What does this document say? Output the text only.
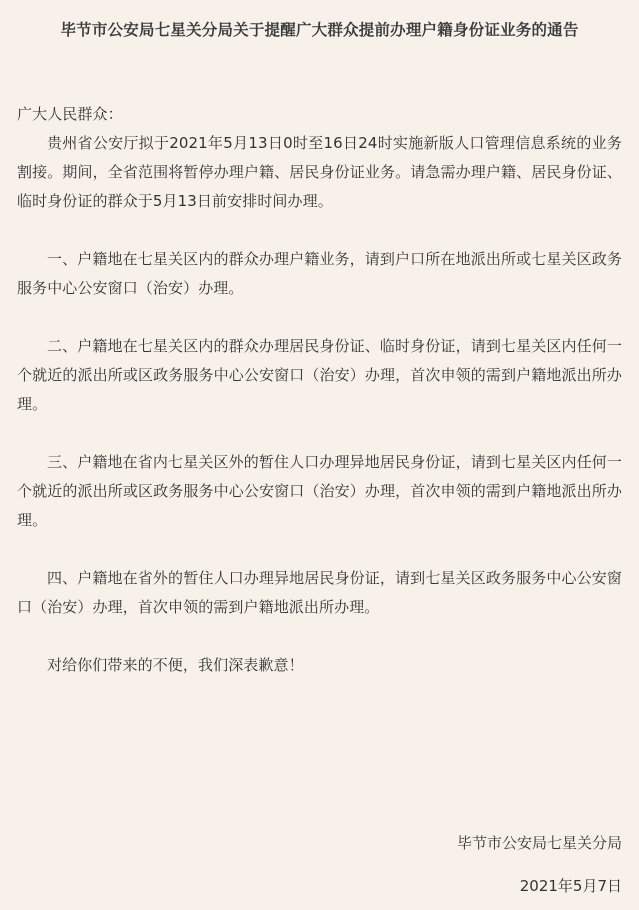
毕节市公安局七星关分局关于提醒广大群众提前办理户籍身份证业务的通告

广大人民群众：

贵州省公安厅拟于2021年5月13日0时至16日24时实施新版人口管理信息系统的业务割接。期间，全省范围将暂停办理户籍、居民身份证业务。请急需办理户籍、居民身份证、临时身份证的群众于5月13日前安排时间办理。

一、户籍地在七星关区内的群众办理户籍业务，请到户口所在地派出所或七星关区政务服务中心公安窗口（治安）办理。

二、户籍地在七星关区内的群众办理居民身份证、临时身份证，请到七星关区内任何一个就近的派出所或区政务服务中心公安窗口（治安）办理，首次申领的需到户籍地派出所办理。

三、户籍地在省内七星关区外的暂住人口办理异地居民身份证，请到七星关区内任何一个就近的派出所或区政务服务中心公安窗口（治安）办理，首次申领的需到户籍地派出所办理。

四、户籍地在省外的暂住人口办理异地居民身份证，请到七星关区政务服务中心公安窗口（治安）办理，首次申领的需到户籍地派出所办理。

对给你们带来的不便，我们深表歉意！

毕节市公安局七星关分局
2021年5月7日
